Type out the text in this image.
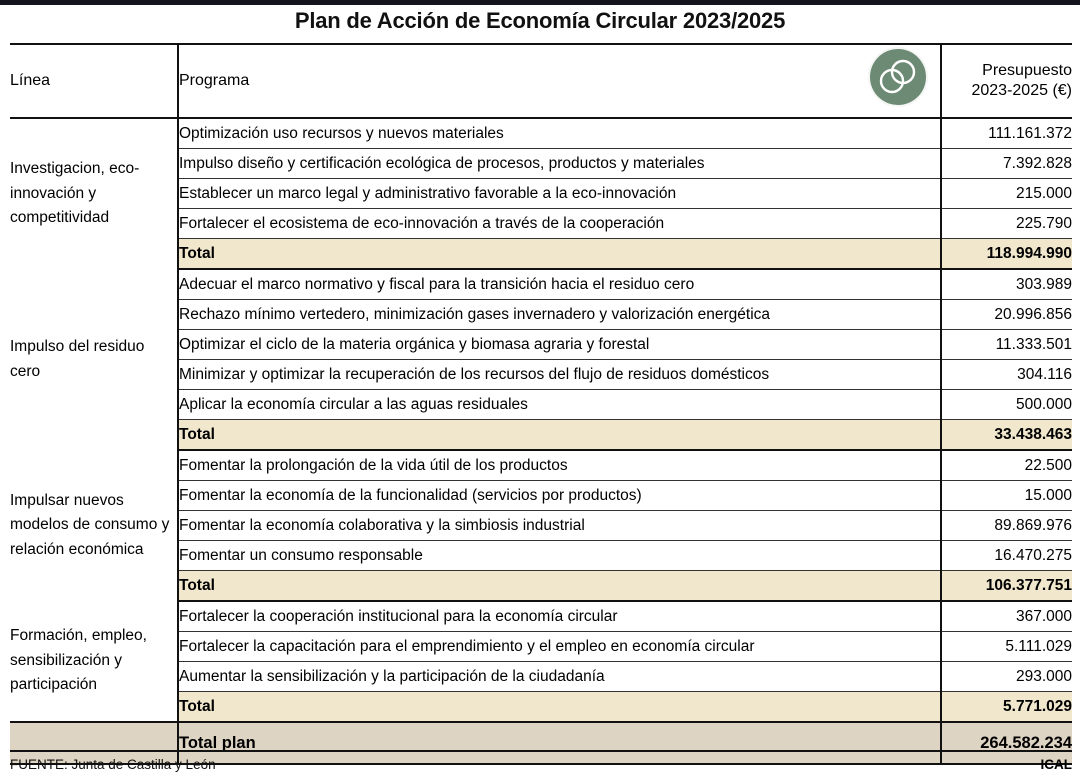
Plan de Acción de Economía Circular 2023/2025
Línea	Programa	Presupuesto
2023-2025 (€)

Investigacion, eco-innovación y competitividad	Optimización uso recursos y nuevos materiales	111.161.372
	Impulso diseño y certificación ecológica de procesos, productos y materiales	7.392.828
	Establecer un marco legal y administrativo favorable a la eco-innovación	215.000
	Fortalecer el ecosistema de eco-innovación a través de la cooperación	225.790
	Total	118.994.990
Impulso del residuo cero	Adecuar el marco normativo y fiscal para la transición hacia el residuo cero	303.989
	Rechazo mínimo vertedero, minimización gases invernadero y valorización energética	20.996.856
	Optimizar el ciclo de la materia orgánica y biomasa agraria y forestal	11.333.501
	Minimizar y optimizar la recuperación de los recursos del flujo de residuos domésticos	304.116
	Aplicar la economía circular a las aguas residuales	500.000
	Total	33.438.463
Impulsar nuevos modelos de consumo y relación económica	Fomentar la prolongación de la vida útil de los productos	22.500
	Fomentar la economía de la funcionalidad (servicios por productos)	15.000
	Fomentar la economía colaborativa y la simbiosis industrial	89.869.976
	Fomentar un consumo responsable	16.470.275
	Total	106.377.751
Formación, empleo, sensibilización y participación	Fortalecer la cooperación institucional para la economía circular	367.000
	Fortalecer la capacitación para el emprendimiento y el empleo en economía circular	5.111.029
	Aumentar la sensibilización y la participación de la ciudadanía	293.000
	Total	5.771.029
	Total plan	264.582.234
FUENTE: Junta de Castilla y León	ICAL
